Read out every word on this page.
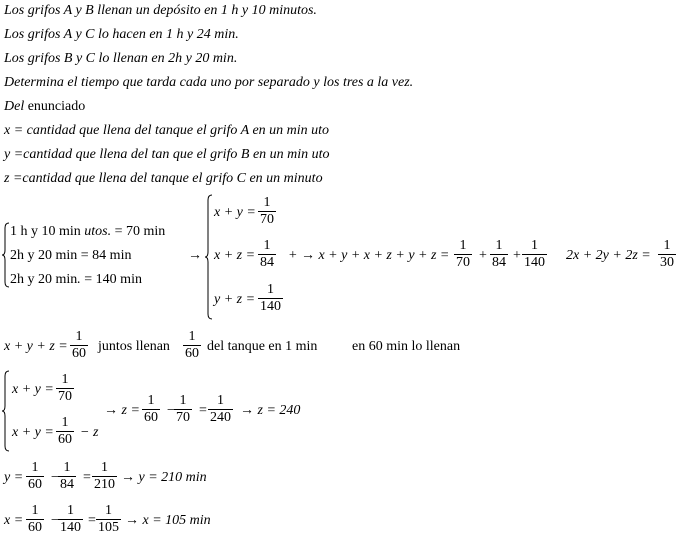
Los grifos A y B llenan un depósito en 1 h y 10 minutos.
Los grifos A y C lo hacen en 1 h y 24 min.
Los grifos B y C lo llenan en 2h y 20 min.
Determina el tiempo que tarda cada uno por separado y los tres a la vez.
Del enunciado
x = cantidad que llena del tanque el grifo A en un min uto
y =cantidad que llena del tan que el grifo B en un min uto
z =cantidad que llena del tanque el grifo C en un minuto
1 h y 10 min utos. = 70 min
2h y 20 min = 84 min
2h y 20 min. = 140 min
→
$x + y = \frac{1}{70}$
$x + z = \frac{1}{84}$
$y + z = \frac{1}{140}$
+ → $x + y + x + z + y + z = \frac{1}{70} + \frac{1}{84} + \frac{1}{140} 2x + 2y + 2z = \frac{1}{30}$
$x + y + z = \frac{1}{60}$ juntos llenan $\frac{1}{60}$ del tanque en 1 min en 60 min lo llenan
$x + y = \frac{1}{70}$
$x + y = \frac{1}{60} - z$
→ $z = \frac{1}{60} - \frac{1}{70} = \frac{1}{240} \to z = 240$
$y = \frac{1}{60} - \frac{1}{84} = \frac{1}{210} \to y = 210$ min
$x = \frac{1}{60} - \frac{1}{140} = \frac{1}{105} \to x = 105$ min
